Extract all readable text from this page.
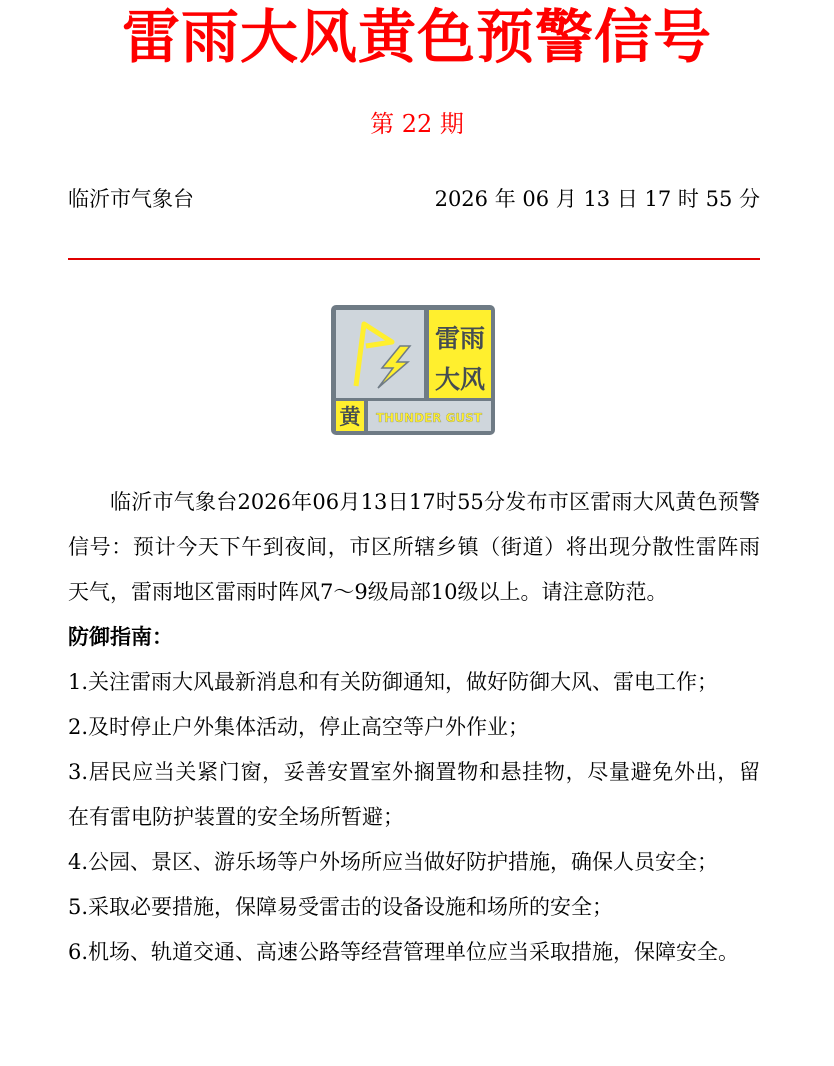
雷雨大风黄色预警信号
第 22 期
临沂市气象台	2026 年 06 月 13 日 17 时 55 分
雷雨
大风
黄 THUNDER GUST

临沂市气象台2026年06月13日17时55分发布市区雷雨大风黄色预警信号：预计今天下午到夜间，市区所辖乡镇（街道）将出现分散性雷阵雨天气，雷雨地区雷雨时阵风7～9级局部10级以上。请注意防范。

防御指南：

1.关注雷雨大风最新消息和有关防御通知，做好防御大风、雷电工作；

2.及时停止户外集体活动，停止高空等户外作业；

3.居民应当关紧门窗，妥善安置室外搁置物和悬挂物，尽量避免外出，留在有雷电防护装置的安全场所暂避；

4.公园、景区、游乐场等户外场所应当做好防护措施，确保人员安全；

5.采取必要措施，保障易受雷击的设备设施和场所的安全；

6.机场、轨道交通、高速公路等经营管理单位应当采取措施，保障安全。
